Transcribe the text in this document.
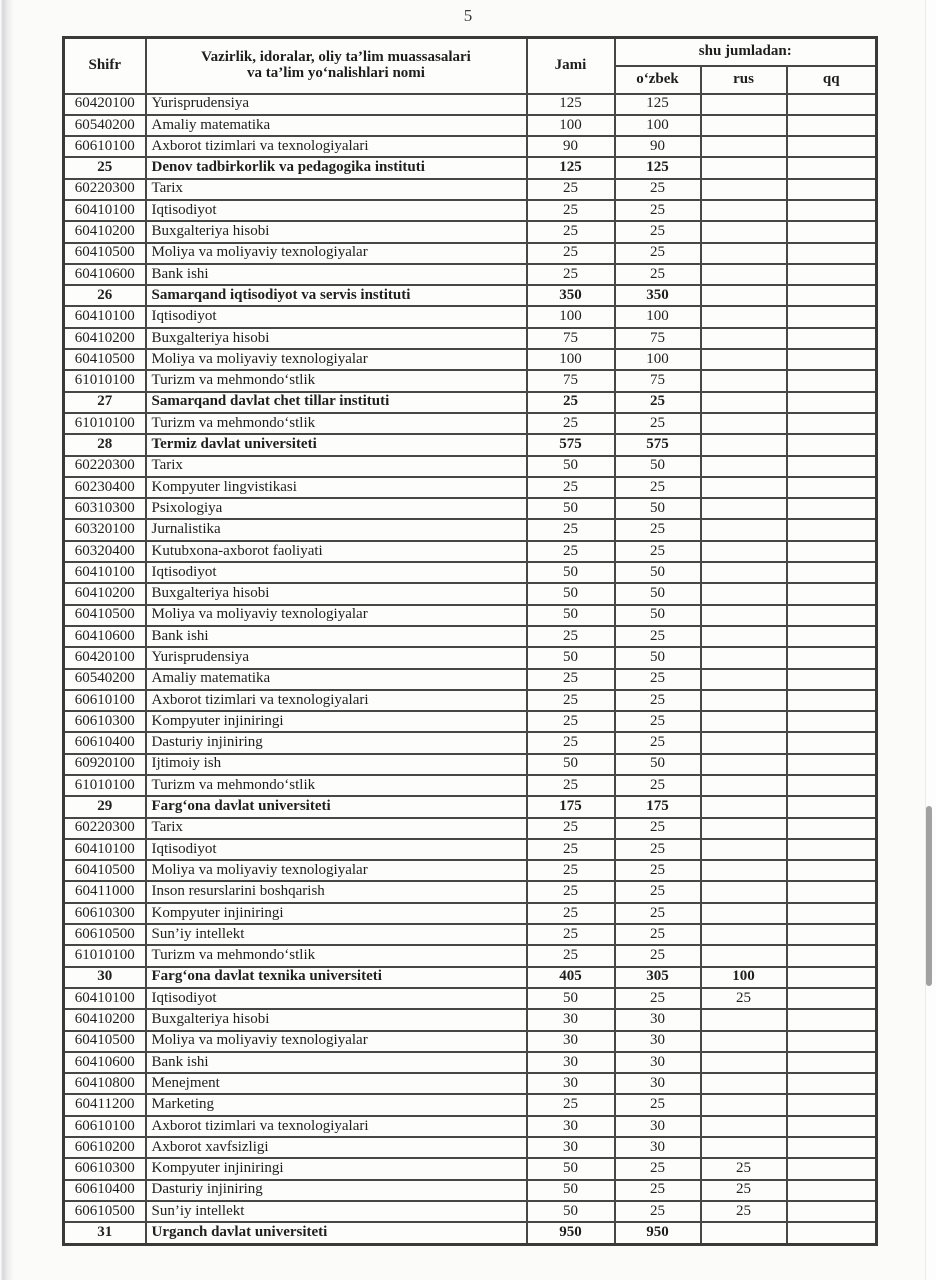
5
Shifr	Vazirlik, idoralar, oliy ta’lim muassasalari
va ta’lim yo‘nalishlari nomi	Jami	shu jumladan:		
			o‘zbek	rus	qq
60420100	Yurisprudensiya	125	125		
60540200	Amaliy matematika	100	100		
60610100	Axborot tizimlari va texnologiyalari	90	90		
25	Denov tadbirkorlik va pedagogika instituti	125	125		
60220300	Tarix	25	25		
60410100	Iqtisodiyot	25	25		
60410200	Buxgalteriya hisobi	25	25		
60410500	Moliya va moliyaviy texnologiyalar	25	25		
60410600	Bank ishi	25	25		
26	Samarqand iqtisodiyot va servis instituti	350	350		
60410100	Iqtisodiyot	100	100		
60410200	Buxgalteriya hisobi	75	75		
60410500	Moliya va moliyaviy texnologiyalar	100	100		
61010100	Turizm va mehmondo‘stlik	75	75		
27	Samarqand davlat chet tillar instituti	25	25		
61010100	Turizm va mehmondo‘stlik	25	25		
28	Termiz davlat universiteti	575	575		
60220300	Tarix	50	50		
60230400	Kompyuter lingvistikasi	25	25		
60310300	Psixologiya	50	50		
60320100	Jurnalistika	25	25		
60320400	Kutubxona-axborot faoliyati	25	25		
60410100	Iqtisodiyot	50	50		
60410200	Buxgalteriya hisobi	50	50		
60410500	Moliya va moliyaviy texnologiyalar	50	50		
60410600	Bank ishi	25	25		
60420100	Yurisprudensiya	50	50		
60540200	Amaliy matematika	25	25		
60610100	Axborot tizimlari va texnologiyalari	25	25		
60610300	Kompyuter injiniringi	25	25		
60610400	Dasturiy injiniring	25	25		
60920100	Ijtimoiy ish	50	50		
61010100	Turizm va mehmondo‘stlik	25	25		
29	Farg‘ona davlat universiteti	175	175		
60220300	Tarix	25	25		
60410100	Iqtisodiyot	25	25		
60410500	Moliya va moliyaviy texnologiyalar	25	25		
60411000	Inson resurslarini boshqarish	25	25		
60610300	Kompyuter injiniringi	25	25		
60610500	Sun’iy intellekt	25	25		
61010100	Turizm va mehmondo‘stlik	25	25		
30	Farg‘ona davlat texnika universiteti	405	305	100	
60410100	Iqtisodiyot	50	25	25	
60410200	Buxgalteriya hisobi	30	30		
60410500	Moliya va moliyaviy texnologiyalar	30	30		
60410600	Bank ishi	30	30		
60410800	Menejment	30	30		
60411200	Marketing	25	25		
60610100	Axborot tizimlari va texnologiyalari	30	30		
60610200	Axborot xavfsizligi	30	30		
60610300	Kompyuter injiniringi	50	25	25	
60610400	Dasturiy injiniring	50	25	25	
60610500	Sun’iy intellekt	50	25	25	
31	Urganch davlat universiteti	950	950		
